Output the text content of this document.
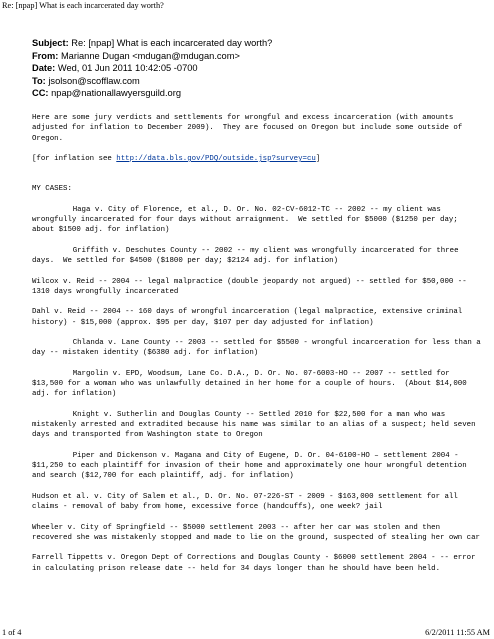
Re: [npap] What is each incarcerated day worth?
Subject: Re: [npap] What is each incarcerated day worth?
From: Marianne Dugan <mdugan@mdugan.com>
Date: Wed, 01 Jun 2011 10:42:05 -0700
To: jsolson@scofflaw.com
CC: npap@nationallawyersguild.org

Here are some jury verdicts and settlements for wrongful and excess incarceration (with amounts adjusted for inflation to December 2009).  They are focused on Oregon but include some outside of Oregon.

[for inflation see http://data.bls.gov/PDQ/outside.jsp?survey=cu]

MY CASES:

Haga v. City of Florence, et al., D. Or. No. 02-CV-6012-TC -- 2002 -- my client was wrongfully incarcerated for four days without arraignment.  We settled for $5000 ($1250 per day; about $1500 adj. for inflation)

Griffith v. Deschutes County -- 2002 -- my client was wrongfully incarcerated for three days.  We settled for $4500 ($1800 per day; $2124 adj. for inflation)

Wilcox v. Reid -- 2004 -- legal malpractice (double jeopardy not argued) -- settled for $50,000 -- 1310 days wrongfully incarcerated

Dahl v. Reid -- 2004 -- 160 days of wrongful incarceration (legal malpractice, extensive criminal history) - $15,000 (approx. $95 per day, $107 per day adjusted for inflation)

Chlanda v. Lane County -- 2003 -- settled for $5500 - wrongful incarceration for less than a day -- mistaken identity ($6380 adj. for inflation)

Margolin v. EPD, Woodsum, Lane Co. D.A., D. Or. No. 07-6003-HO -- 2007 -- settled for $13,500 for a woman who was unlawfully detained in her home for a couple of hours.  (About $14,000 adj. for inflation)

Knight v. Sutherlin and Douglas County -- Settled 2010 for $22,500 for a man who was mistakenly arrested and extradited because his name was similar to an alias of a suspect; held seven days and transported from Washington state to Oregon

Piper and Dickenson v. Magana and City of Eugene, D. Or. 04-6100-HO – settlement 2004 - $11,250 to each plaintiff for invasion of their home and approximately one hour wrongful detention and search ($12,700 for each plaintiff, adj. for inflation)

Hudson et al. v. City of Salem et al., D. Or. No. 07-226-ST - 2009 - $163,000 settlement for all claims - removal of baby from home, excessive force (handcuffs), one week? jail

Wheeler v. City of Springfield -- $5000 settlement 2003 -- after her car was stolen and then recovered she was mistakenly stopped and made to lie on the ground, suspected of stealing her own car

Farrell Tippetts v. Oregon Dept of Corrections and Douglas County - $6000 settlement 2004 - -- error in calculating prison release date -- held for 34 days longer than he should have been held.

1 of 4	6/2/2011 11:55 AM
